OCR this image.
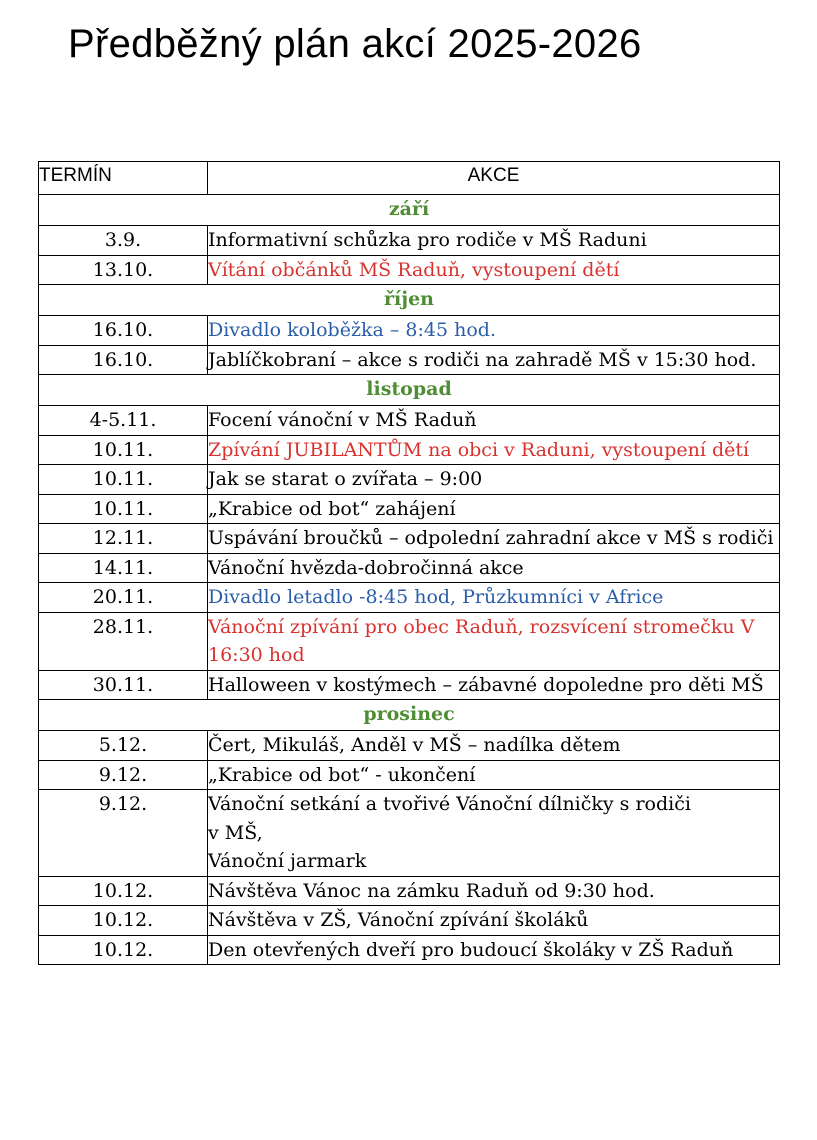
Předběžný plán akcí 2025-2026
TERMÍN	AKCE
září	
3.9.	Informativní schůzka pro rodiče v MŠ Raduni
13.10.	Vítání občánků MŠ Raduň, vystoupení dětí
říjen	
16.10.	Divadlo koloběžka – 8:45 hod.
16.10.	Jablíčkobraní – akce s rodiči na zahradě MŠ v 15:30 hod.
listopad	
4-5.11.	Focení vánoční v MŠ Raduň
10.11.	Zpívání JUBILANTŮM na obci v Raduni, vystoupení dětí
10.11.	Jak se starat o zvířata – 9:00
10.11.	„Krabice od bot“ zahájení
12.11.	Uspávání broučků – odpolední zahradní akce v MŠ s rodiči
14.11.	Vánoční hvězda-dobročinná akce
20.11.	Divadlo letadlo -8:45 hod, Průzkumníci v Africe
28.11.	Vánoční zpívání pro obec Raduň, rozsvícení stromečku V 16:30 hod
30.11.	Halloween v kostýmech – zábavné dopoledne pro děti MŠ
prosinec	
5.12.	Čert, Mikuláš, Anděl v MŠ – nadílka dětem
9.12.	„Krabice od bot“ - ukončení
9.12.	Vánoční setkání a tvořivé Vánoční dílničky s rodiči
v MŠ,
Vánoční jarmark

10.12.	Návštěva Vánoc na zámku Raduň od 9:30 hod.
10.12.	Návštěva v ZŠ, Vánoční zpívání školáků
10.12.	Den otevřených dveří pro budoucí školáky v ZŠ Raduň
